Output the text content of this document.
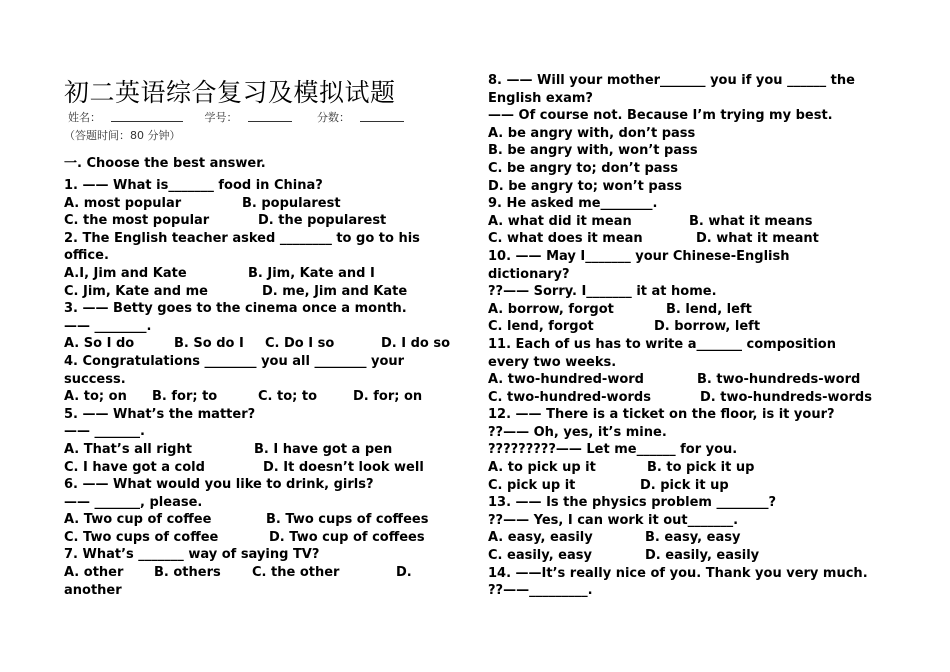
初二英语综合复习及模拟试题
姓名：	学号：	分数：
（答题时间：80 分钟）
一. Choose the best answer.
1. —— What is_______ food in China?
A. most popular	B. popularest
C. the most popular	D. the popularest
2. The English teacher asked ________ to go to his
office.
A.I, Jim and Kate	B. Jim, Kate and I
C. Jim, Kate and me	D. me, Jim and Kate
3. —— Betty goes to the cinema once a month.
—— ________.
A. So I do	B. So do I C. Do I so	D. I do so
4. Congratulations ________ you all ________ your
success.
A. to; on B. for; to	C. to; to	D. for; on
5. —— What’s the matter?
—— _______.
A. That’s all right	B. I have got a pen
C. I have got a cold	D. It doesn’t look well
6. —— What would you like to drink, girls?
—— _______, please.
A. Two cup of coffee	B. Two cups of coffees
C. Two cups of coffee	D. Two cup of coffees
7. What’s _______ way of saying TV?
A. other B. others C. the other	D.
another
8. —— Will your mother_______ you if you ______ the
English exam?
—— Of course not. Because I’m trying my best.
A. be angry with, don’t pass
B. be angry with, won’t pass
C. be angry to; don’t pass
D. be angry to; won’t pass
9. He asked me________.
A. what did it mean	B. what it means
C. what does it mean	D. what it meant
10. —— May I_______ your Chinese-English
dictionary?
??—— Sorry. I_______ it at home.
A. borrow, forgot	B. lend, left
C. lend, forgot	D. borrow, left
11. Each of us has to write a_______ composition
every two weeks.
A. two-hundred-word	B. two-hundreds-word
C. two-hundred-words	D. two-hundreds-words
12. —— There is a ticket on the floor, is it your?
??—— Oh, yes, it’s mine.
?????????—— Let me______ for you.
A. to pick up it	B. to pick it up
C. pick up it	D. pick it up
13. —— Is the physics problem ________?
??—— Yes, I can work it out_______.
A. easy, easily	B. easy, easy
C. easily, easy	D. easily, easily
14. ——It’s really nice of you. Thank you very much.
??——_________.
